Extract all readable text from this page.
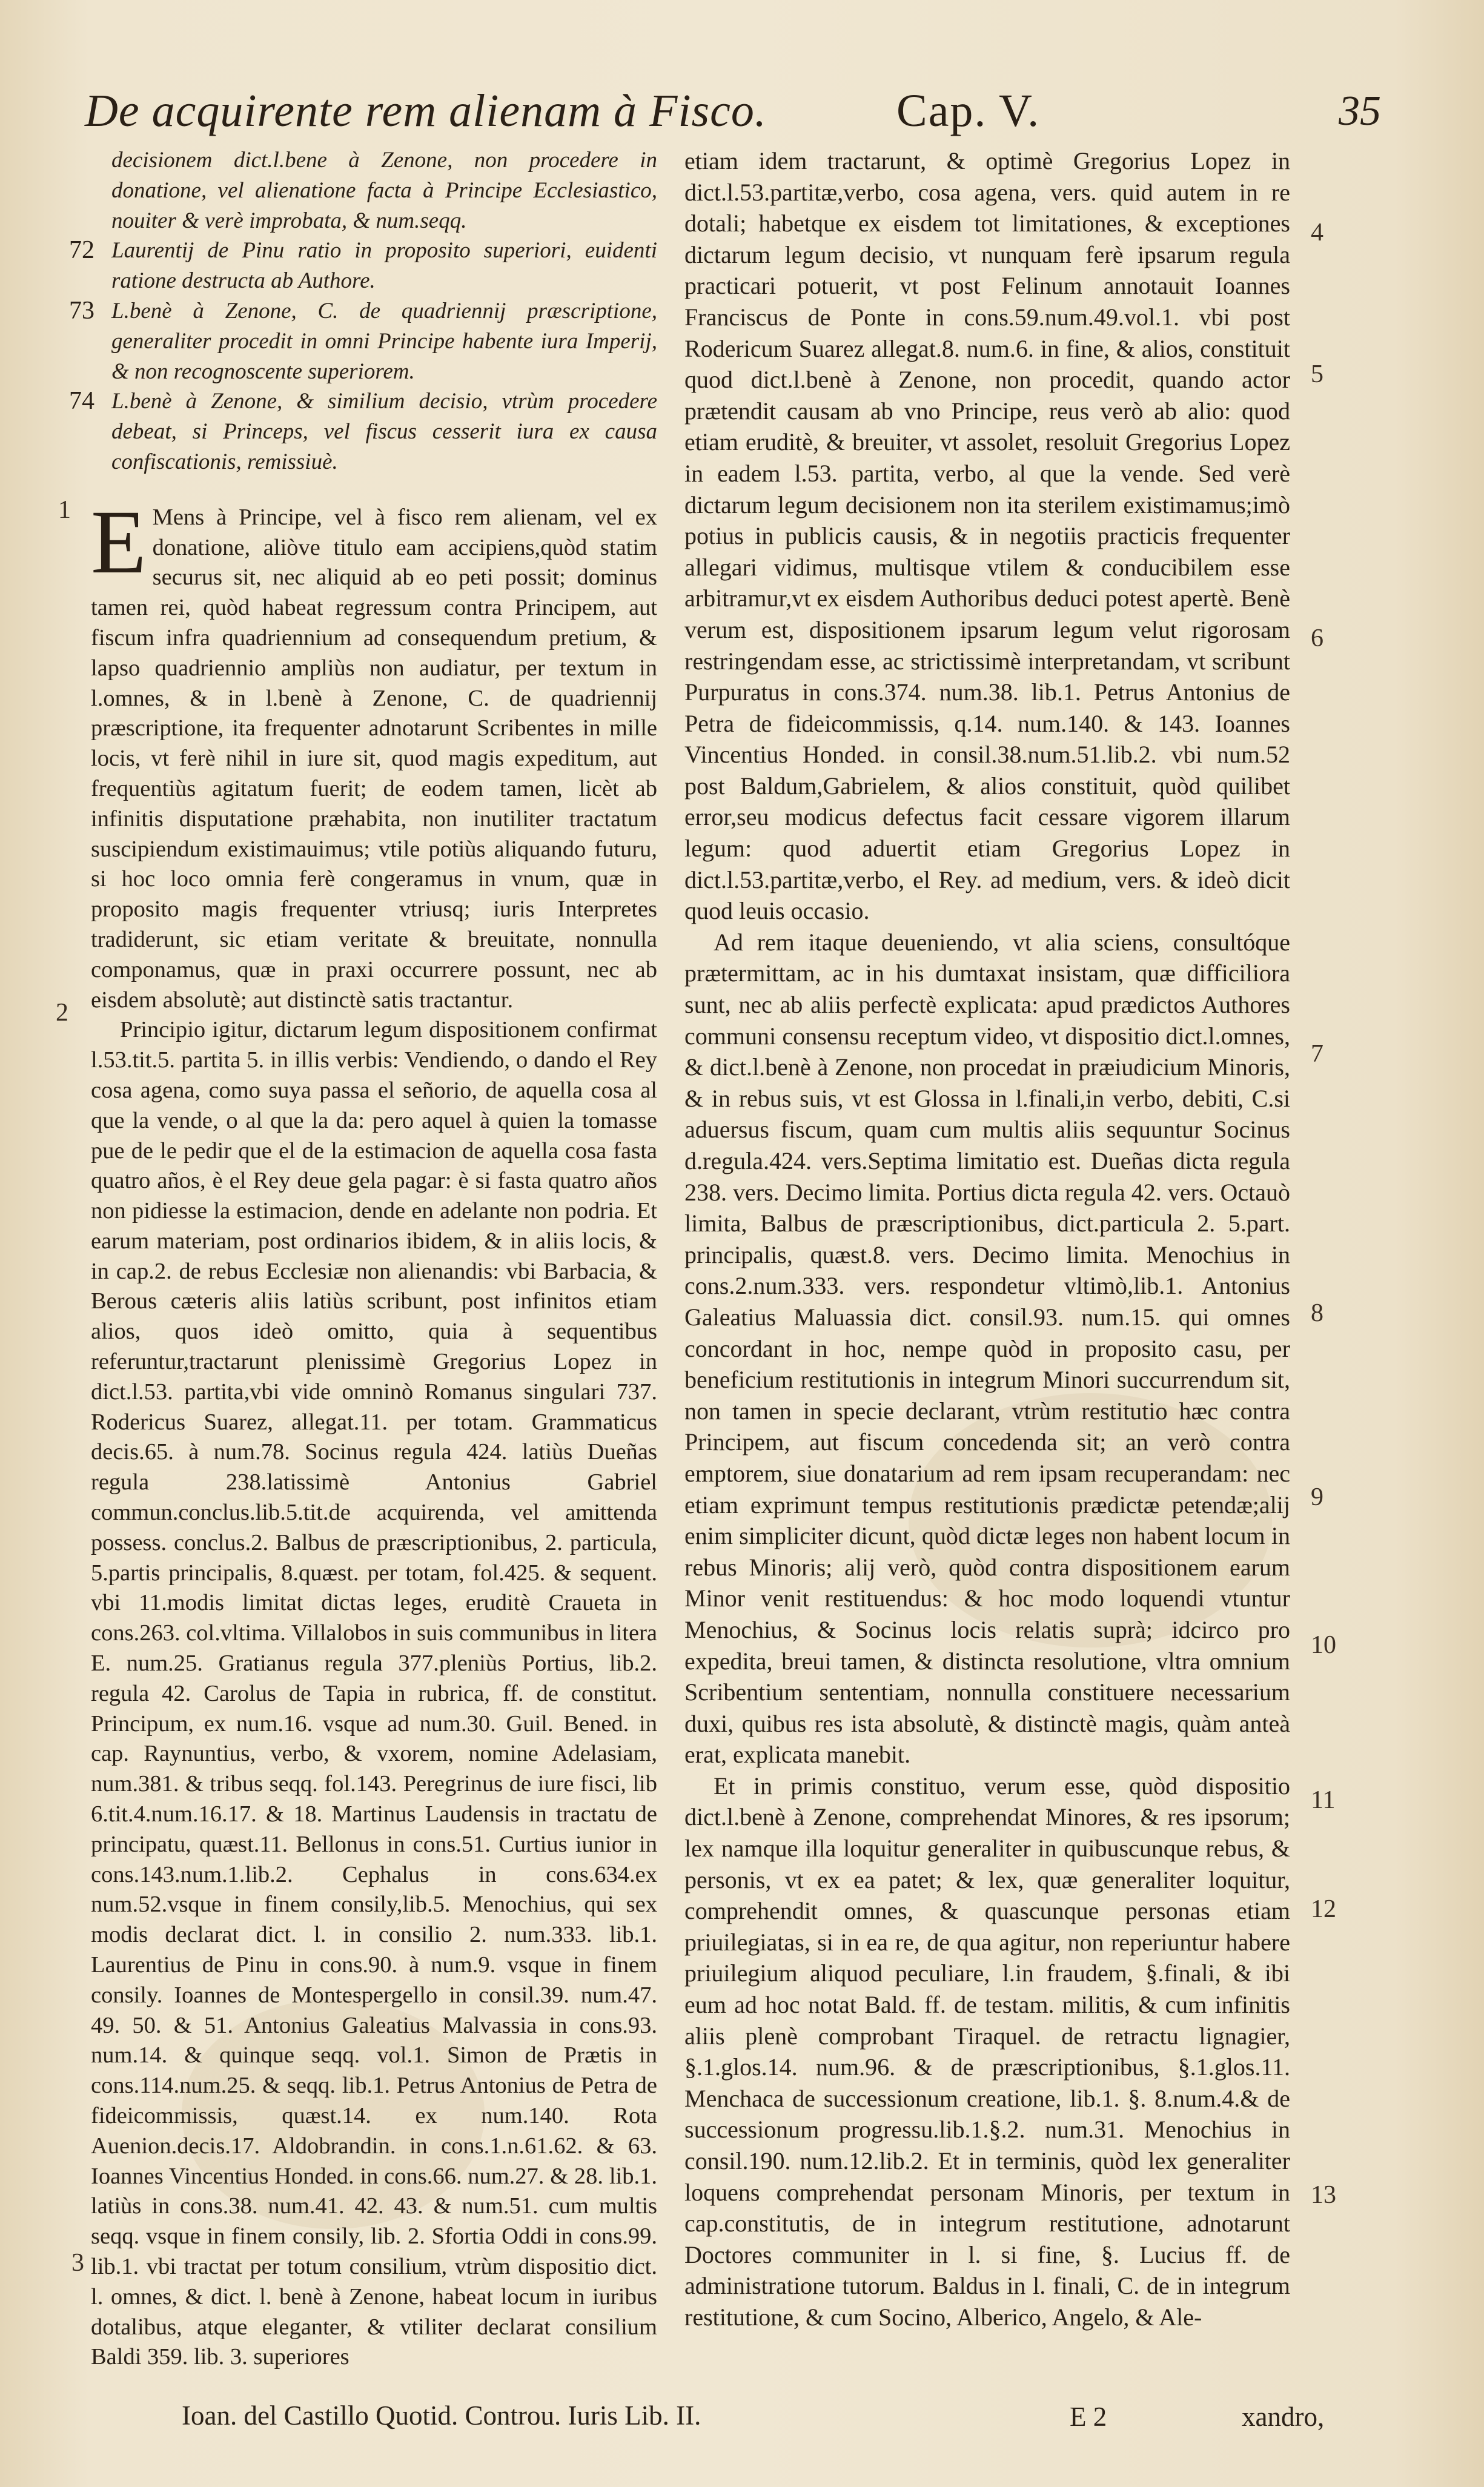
De acquirente rem alienam à Fisco.	Cap. V.	35
decisionem dict.l.bene à Zenone, non procedere in donatione, vel alienatione facta à Principe Ecclesiastico, nouiter & verè improbata, & num.seqq.
72 Laurentij de Pinu ratio in proposito superiori, euidenti ratione destructa ab Authore.
73 L.benè à Zenone, C. de quadriennij præscriptione, generaliter procedit in omni Principe habente iura Imperij, & non recognoscente superiorem.
74 L.benè à Zenone, & similium decisio, vtrùm procedere debeat, si Princeps, vel fiscus cesserit iura ex causa confiscationis, remissiuè.

E Mens à Principe, vel à fisco rem alienam, vel ex donatione, aliòve titulo eam accipiens,quòd statim securus sit, nec aliquid ab eo peti possit; dominus tamen rei, quòd habeat regressum contra Principem, aut fiscum infra quadriennium ad consequendum pretium, & lapso quadriennio ampliùs non audiatur, per textum in l.omnes, & in l.benè à Zenone, C. de quadriennij præscriptione, ita frequenter adnotarunt Scribentes in mille locis, vt ferè nihil in iure sit, quod magis expeditum, aut frequentiùs agitatum fuerit; de eodem tamen, licèt ab infinitis disputatione præhabita, non inutiliter tractatum suscipiendum existimauimus; vtile potiùs aliquando futuru, si hoc loco omnia ferè congeramus in vnum, quæ in proposito magis frequenter vtriusq; iuris Interpretes tradiderunt, sic etiam veritate & breuitate, nonnulla componamus, quæ in praxi occurrere possunt, nec ab eisdem absolutè; aut distinctè satis tractantur.

Principio igitur, dictarum legum dispositionem confirmat l.53.tit.5. partita 5. in illis verbis: Vendiendo, o dando el Rey cosa agena, como suya passa el señorio, de aquella cosa al que la vende, o al que la da: pero aquel à quien la tomasse pue de le pedir que el de la estimacion de aquella cosa fasta quatro años, è el Rey deue gela pagar: è si fasta quatro años non pidiesse la estimacion, dende en adelante non podria. Et earum materiam, post ordinarios ibidem, & in aliis locis, & in cap.2. de rebus Ecclesiæ non alienandis: vbi Barbacia, & Berous cæteris aliis latiùs scribunt, post infinitos etiam alios, quos ideò omitto, quia à sequentibus referuntur,tractarunt plenissimè Gregorius Lopez in dict.l.53. partita,vbi vide omninò Romanus singulari 737. Rodericus Suarez, allegat.11. per totam. Grammaticus decis.65. à num.78. Socinus regula 424. latiùs Dueñas regula 238.latissimè Antonius Gabriel commun.conclus.lib.5.tit.de acquirenda, vel amittenda possess. conclus.2. Balbus de præscriptionibus, 2. particula, 5.partis principalis, 8.quæst. per totam, fol.425. & sequent. vbi 11.modis limitat dictas leges, eruditè Craueta in cons.263. col.vltima. Villalobos in suis communibus in litera E. num.25. Gratianus regula 377.pleniùs Portius, lib.2. regula 42. Carolus de Tapia in rubrica, ff. de constitut. Principum, ex num.16. vsque ad num.30. Guil. Bened. in cap. Raynuntius, verbo, & vxorem, nomine Adelasiam, num.381. & tribus seqq. fol.143. Peregrinus de iure fisci, lib 6.tit.4.num.16.17. & 18. Martinus Laudensis in tractatu de principatu, quæst.11. Bellonus in cons.51. Curtius iunior in cons.143.num.1.lib.2. Cephalus in cons.634.ex num.52.vsque in finem consily,lib.5. Menochius, qui sex modis declarat dict. l. in consilio 2. num.333. lib.1. Laurentius de Pinu in cons.90. à num.9. vsque in finem consily. Ioannes de Montespergello in consil.39. num.47. 49. 50. & 51. Antonius Galeatius Malvassia in cons.93. num.14. & quinque seqq. vol.1. Simon de Prætis in cons.114.num.25. & seqq. lib.1. Petrus Antonius de Petra de fideicommissis, quæst.14. ex num.140. Rota Auenion.decis.17. Aldobrandin. in cons.1.n.61.62. & 63. Ioannes Vincentius Honded. in cons.66. num.27. & 28. lib.1. latiùs in cons.38. num.41. 42. 43. & num.51. cum multis seqq. vsque in finem consily, lib. 2. Sfortia Oddi in cons.99. lib.1. vbi tractat per totum consilium, vtrùm dispositio dict. l. omnes, & dict. l. benè à Zenone, habeat locum in iuribus dotalibus, atque eleganter, & vtiliter declarat consilium Baldi 359. lib. 3. superiores

1
2
3

etiam idem tractarunt, & optimè Gregorius Lopez in dict.l.53.partitæ,verbo, cosa agena, vers. quid autem in re dotali; habetque ex eisdem tot limitationes, & exceptiones dictarum legum decisio, vt nunquam ferè ipsarum regula practicari potuerit, vt post Felinum annotauit Ioannes Franciscus de Ponte in cons.59.num.49.vol.1. vbi post Rodericum Suarez allegat.8. num.6. in fine, & alios, constituit quod dict.l.benè à Zenone, non procedit, quando actor prætendit causam ab vno Principe, reus verò ab alio: quod etiam eruditè, & breuiter, vt assolet, resoluit Gregorius Lopez in eadem l.53. partita, verbo, al que la vende. Sed verè dictarum legum decisionem non ita sterilem existimamus;imò potius in publicis causis, & in negotiis practicis frequenter allegari vidimus, multisque vtilem & conducibilem esse arbitramur,vt ex eisdem Authoribus deduci potest apertè. Benè verum est, dispositionem ipsarum legum velut rigorosam restringendam esse, ac strictissimè interpretandam, vt scribunt Purpuratus in cons.374. num.38. lib.1. Petrus Antonius de Petra de fideicommissis, q.14. num.140. & 143. Ioannes Vincentius Honded. in consil.38.num.51.lib.2. vbi num.52 post Baldum,Gabrielem, & alios constituit, quòd quilibet error,seu modicus defectus facit cessare vigorem illarum legum: quod aduertit etiam Gregorius Lopez in dict.l.53.partitæ,verbo, el Rey. ad medium, vers. & ideò dicit quod leuis occasio.

Ad rem itaque deueniendo, vt alia sciens, consultóque prætermittam, ac in his dumtaxat insistam, quæ difficiliora sunt, nec ab aliis perfectè explicata: apud prædictos Authores communi consensu receptum video, vt dispositio dict.l.omnes, & dict.l.benè à Zenone, non procedat in præiudicium Minoris, & in rebus suis, vt est Glossa in l.finali,in verbo, debiti, C.si aduersus fiscum, quam cum multis aliis sequuntur Socinus d.regula.424. vers.Septima limitatio est. Dueñas dicta regula 238. vers. Decimo limita. Portius dicta regula 42. vers. Octauò limita, Balbus de præscriptionibus, dict.particula 2. 5.part. principalis, quæst.8. vers. Decimo limita. Menochius in cons.2.num.333. vers. respondetur vltimò,lib.1. Antonius Galeatius Maluassia dict. consil.93. num.15. qui omnes concordant in hoc, nempe quòd in proposito casu, per beneficium restitutionis in integrum Minori succurrendum sit, non tamen in specie declarant, vtrùm restitutio hæc contra Principem, aut fiscum concedenda sit; an verò contra emptorem, siue donatarium ad rem ipsam recuperandam: nec etiam exprimunt tempus restitutionis prædictæ petendæ;alij enim simpliciter dicunt, quòd dictæ leges non habent locum in rebus Minoris; alij verò, quòd contra dispositionem earum Minor venit restituendus: & hoc modo loquendi vtuntur Menochius, & Socinus locis relatis suprà; idcirco pro expedita, breui tamen, & distincta resolutione, vltra omnium Scribentium sententiam, nonnulla constituere necessarium duxi, quibus res ista absolutè, & distinctè magis, quàm anteà erat, explicata manebit.

Et in primis constituo, verum esse, quòd dispositio dict.l.benè à Zenone, comprehendat Minores, & res ipsorum; lex namque illa loquitur generaliter in quibuscunque rebus, & personis, vt ex ea patet; & lex, quæ generaliter loquitur, comprehendit omnes, & quascunque personas etiam priuilegiatas, si in ea re, de qua agitur, non reperiuntur habere priuilegium aliquod peculiare, l.in fraudem, §.finali, & ibi eum ad hoc notat Bald. ff. de testam. militis, & cum infinitis aliis plenè comprobant Tiraquel. de retractu lignagier, §.1.glos.14. num.96. & de præscriptionibus, §.1.glos.11. Menchaca de successionum creatione, lib.1. §. 8.num.4.& de successionum progressu.lib.1.§.2. num.31. Menochius in consil.190. num.12.lib.2. Et in terminis, quòd lex generaliter loquens comprehendat personam Minoris, per textum in cap.constitutis, de in integrum restitutione, adnotarunt Doctores communiter in l. si fine, §. Lucius ff. de administratione tutorum. Baldus in l. finali, C. de in integrum restitutione, & cum Socino, Alberico, Angelo, & Ale-

4
5
6
7
8
9
10
11
12
13
Ioan. del Castillo Quotid. Controu. Iuris Lib. II.	E 2	xandro,
